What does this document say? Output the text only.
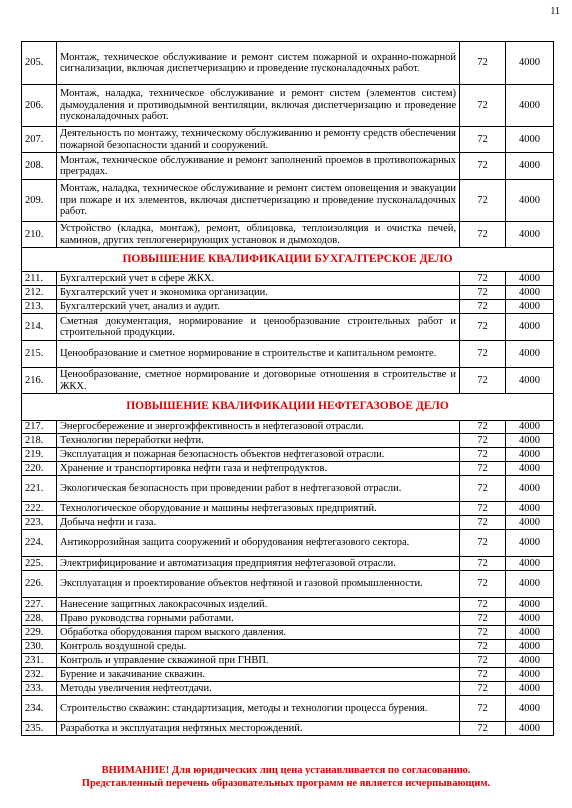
11
205.	Монтаж, техническое обслуживание и ремонт систем пожарной и охранно-пожарной сигнализации, включая диспетчеризацию и проведение пусконаладочных работ.	72	4000
206.	Монтаж, наладка, техническое обслуживание и ремонт систем (элементов систем) дымоудаления и противодымной вентиляции, включая диспетчеризацию и проведение пусконаладочных работ.	72	4000
207.	Деятельность по монтажу, техническому обслуживанию и ремонту средств обеспечения пожарной безопасности зданий и сооружений.	72	4000
208.	Монтаж, техническое обслуживание и ремонт заполнений проемов в противопожарных преградах.	72	4000
209.	Монтаж, наладка, техническое обслуживание и ремонт систем оповещения и эвакуации при пожаре и их элементов, включая диспетчеризацию и проведение пусконаладочных работ.	72	4000
210.	Устройство (кладка, монтаж), ремонт, облицовка, теплоизоляция и очистка печей, каминов, других теплогенерирующих установок и дымоходов.	72	4000
ПОВЫШЕНИЕ КВАЛИФИКАЦИИ БУХГАЛТЕРСКОЕ ДЕЛО			
211.	Бухгалтерский учет в сфере ЖКХ.	72	4000
212.	Бухгалтерский учет и экономика организации.	72	4000
213.	Бухгалтерский учет, анализ и аудит.	72	4000
214.	Сметная документация, нормирование и ценообразование строительных работ и строительной продукции.	72	4000
215.	Ценообразование и сметное нормирование в строительстве и капитальном ремонте.	72	4000
216.	Ценообразование, сметное нормирование и договорные отношения в строительстве и ЖКХ.	72	4000
ПОВЫШЕНИЕ КВАЛИФИКАЦИИ НЕФТЕГАЗОВОЕ ДЕЛО			
217.	Энергосбережение и энергоэффективность в нефтегазовой отрасли.	72	4000
218.	Технологии переработки нефти.	72	4000
219.	Эксплуатация и пожарная безопасность объектов нефтегазовой отрасли.	72	4000
220.	Хранение и транспортировка нефти газа и нефтепродуктов.	72	4000
221.	Экологическая безопасность при проведении работ в нефтегазовой отрасли.	72	4000
222.	Технологическое оборудование и машины нефтегазовых предприятий.	72	4000
223.	Добыча нефти и газа.	72	4000
224.	Антикоррозийная защита сооружений и оборудования нефтегазового сектора.	72	4000
225.	Электрифицирование и автоматизация предприятия нефтегазовой отрасли.	72	4000
226.	Эксплуатация и проектирование объектов нефтяной и газовой промышленности.	72	4000
227.	Нанесение защитных лакокрасочных изделий.	72	4000
228.	Право руководства горными работами.	72	4000
229.	Обработка оборудования паром выского давления.	72	4000
230.	Контроль воздушной среды.	72	4000
231.	Контроль и управление скважиной при ГНВП.	72	4000
232.	Бурение и закачивание скважин.	72	4000
233.	Методы увеличения нефтеотдачи.	72	4000
234.	Строительство скважин: стандартизация, методы и технологии процесса бурения.	72	4000
235.	Разработка и эксплуатация нефтяных месторождений.	72	4000
ВНИМАНИЕ! Для юридических лиц цена устанавливается по согласованию.
Представленный перечень образовательных программ не является исчерпывающим.
